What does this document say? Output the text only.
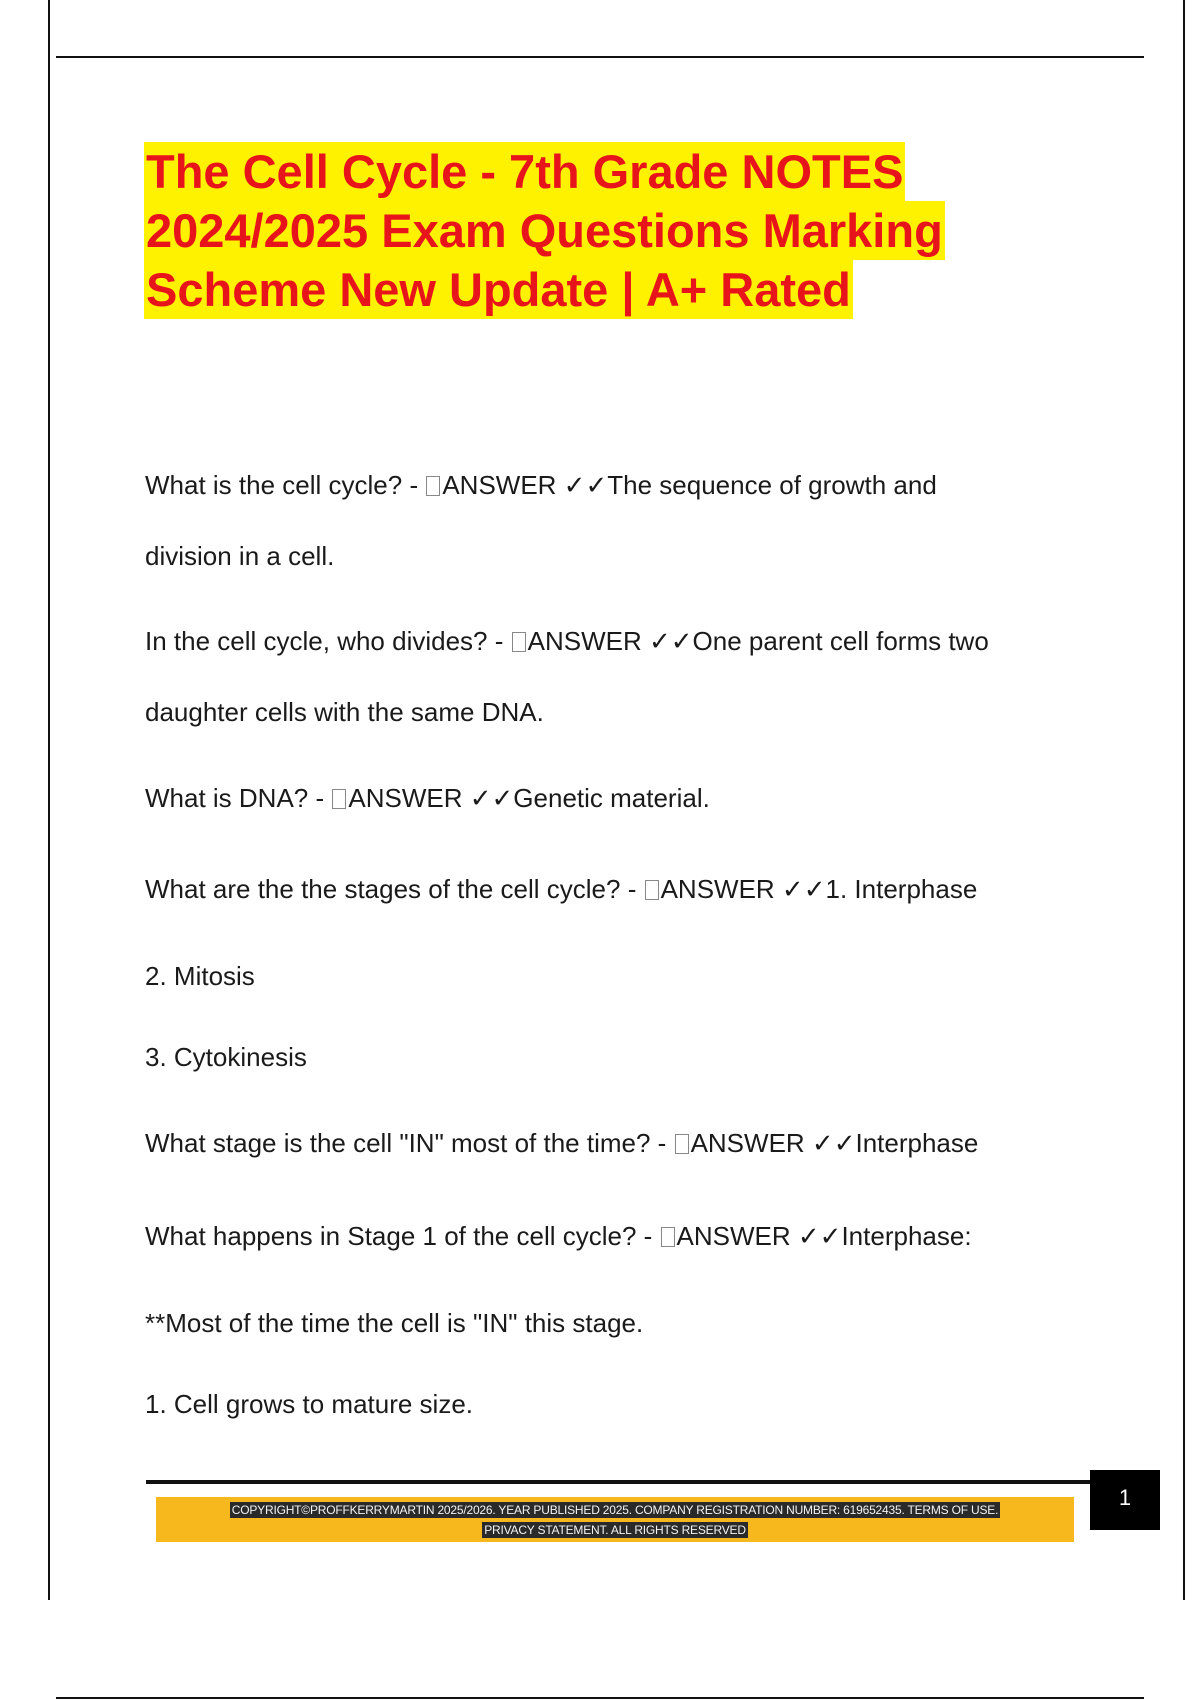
The Cell Cycle - 7th Grade NOTES
2024/2025 Exam Questions Marking
Scheme New Update | A+ Rated
What is the cell cycle? - ANSWER ✓✓The sequence of growth and
division in a cell.
In the cell cycle, who divides? - ANSWER ✓✓One parent cell forms two
daughter cells with the same DNA.
What is DNA? - ANSWER ✓✓Genetic material.
What are the the stages of the cell cycle? - ANSWER ✓✓1. Interphase
2. Mitosis
3. Cytokinesis
What stage is the cell "IN" most of the time? - ANSWER ✓✓Interphase
What happens in Stage 1 of the cell cycle? - ANSWER ✓✓Interphase:
**Most of the time the cell is "IN" this stage.
1. Cell grows to mature size.
COPYRIGHT©PROFFKERRYMARTIN 2025/2026. YEAR PUBLISHED 2025. COMPANY REGISTRATION NUMBER: 619652435. TERMS OF USE.
PRIVACY STATEMENT. ALL RIGHTS RESERVED
1
